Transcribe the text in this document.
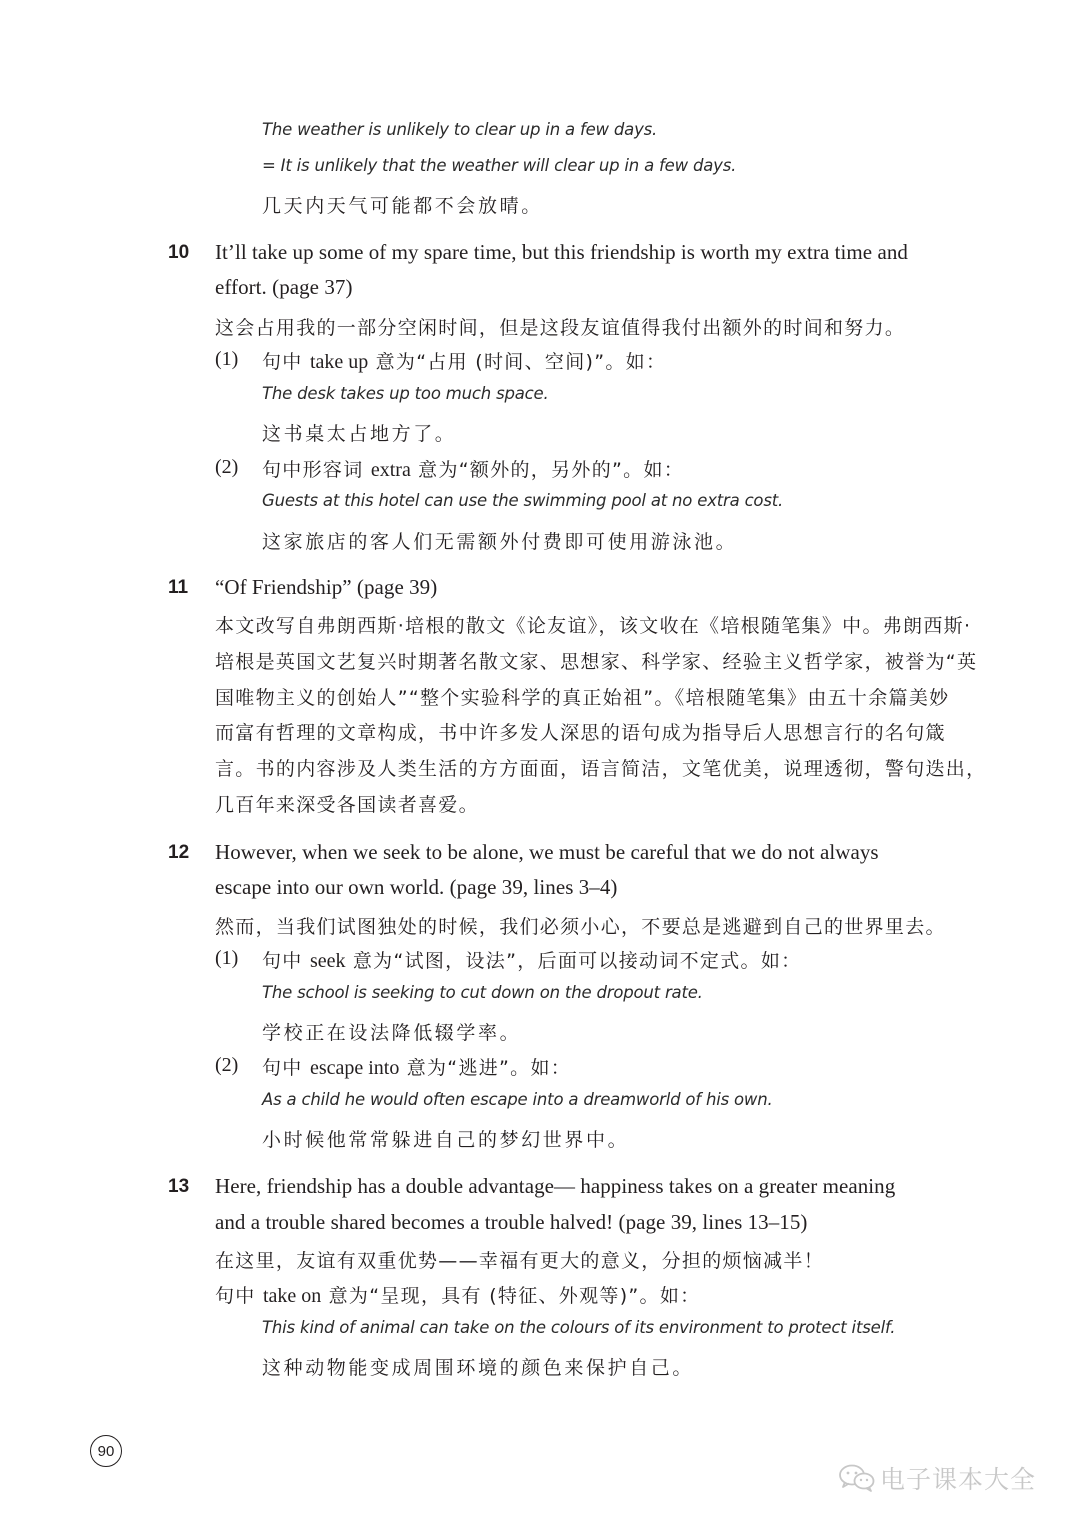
The weather is unlikely to clear up in a few days.
= It is unlikely that the weather will clear up in a few days.
几天内天气可能都不会放晴。
10 It’ll take up some of my spare time, but this friendship is worth my extra time and
effort. (page 37)
这会占用我的一部分空闲时间，但是这段友谊值得我付出额外的时间和努力。
(1) 句中 take up 意为“占用 (时间、空间)”。如：
The desk takes up too much space.
这书桌太占地方了。
(2) 句中形容词 extra 意为“额外的，另外的”。如：
Guests at this hotel can use the swimming pool at no extra cost.
这家旅店的客人们无需额外付费即可使用游泳池。
11 “Of Friendship” (page 39)
本文改写自弗朗西斯·培根的散文《论友谊》，该文收在《培根随笔集》中。弗朗西斯·
培根是英国文艺复兴时期著名散文家、思想家、科学家、经验主义哲学家，被誉为“英
国唯物主义的创始人”“整个实验科学的真正始祖”。《培根随笔集》由五十余篇美妙
而富有哲理的文章构成，书中许多发人深思的语句成为指导后人思想言行的名句箴
言。书的内容涉及人类生活的方方面面，语言简洁，文笔优美，说理透彻，警句迭出，
几百年来深受各国读者喜爱。
12 However, when we seek to be alone, we must be careful that we do not always
escape into our own world. (page 39, lines 3–4)
然而，当我们试图独处的时候，我们必须小心，不要总是逃避到自己的世界里去。
(1) 句中 seek 意为“试图，设法”，后面可以接动词不定式。如：
The school is seeking to cut down on the dropout rate.
学校正在设法降低辍学率。
(2) 句中 escape into 意为“逃进”。如：
As a child he would often escape into a dreamworld of his own.
小时候他常常躲进自己的梦幻世界中。
13 Here, friendship has a double advantage— happiness takes on a greater meaning
and a trouble shared becomes a trouble halved! (page 39, lines 13–15)
在这里，友谊有双重优势——幸福有更大的意义，分担的烦恼减半！
句中 take on 意为“呈现，具有 (特征、外观等)”。如：
This kind of animal can take on the colours of its environment to protect itself.
这种动物能变成周围环境的颜色来保护自己。
90
电子课本大全
